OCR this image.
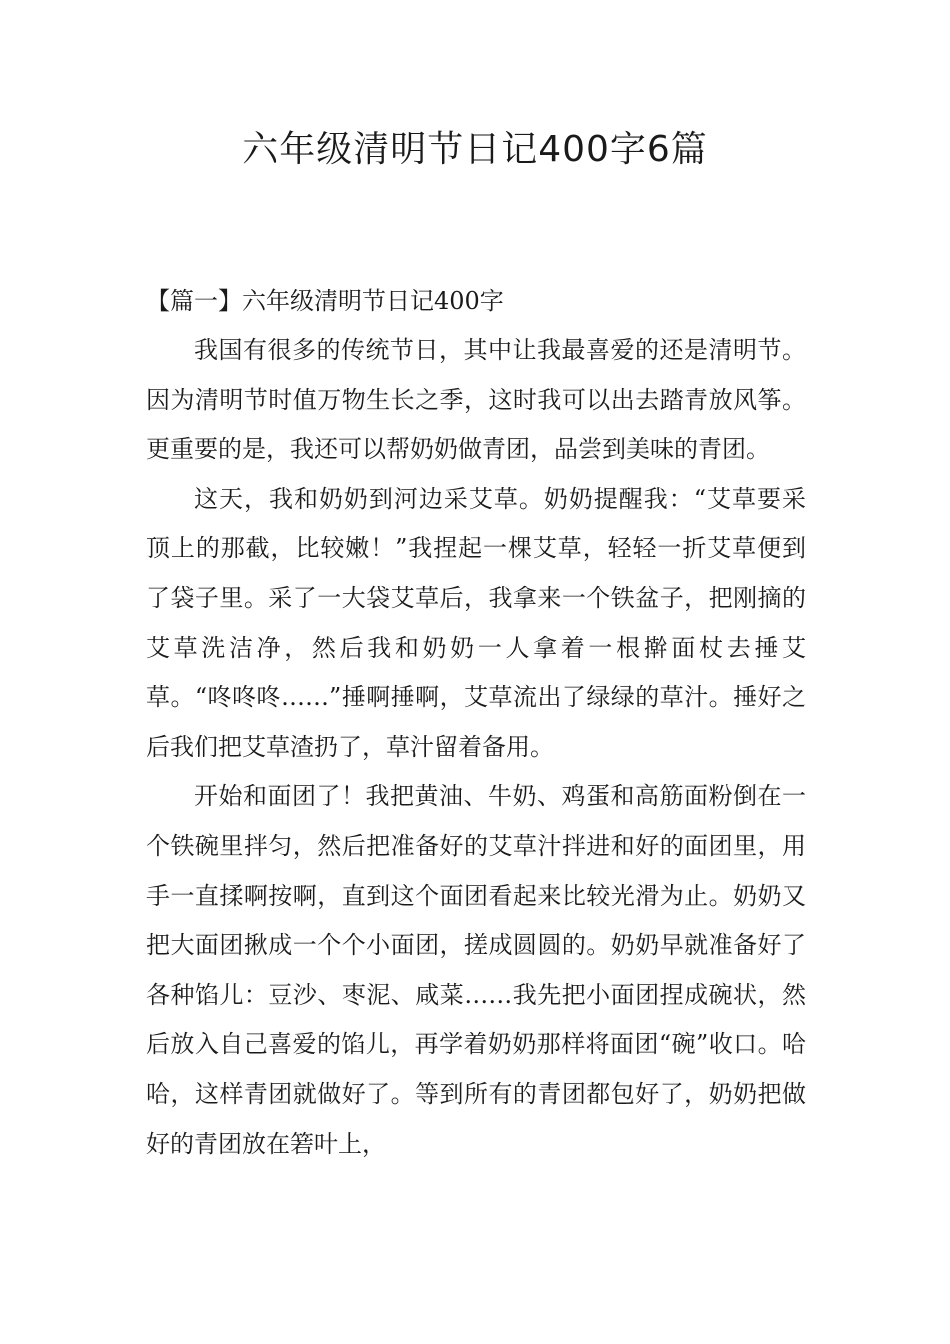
六年级清明节日记400字6篇

【篇一】六年级清明节日记400字

我国有很多的传统节日，其中让我最喜爱的还是清明节。因为清明节时值万物生长之季，这时我可以出去踏青放风筝。更重要的是，我还可以帮奶奶做青团，品尝到美味的青团。

这天，我和奶奶到河边采艾草。奶奶提醒我：“艾草要采顶上的那截，比较嫩！”我捏起一棵艾草，轻轻一折艾草便到了袋子里。采了一大袋艾草后，我拿来一个铁盆子，把刚摘的艾草洗洁净，然后我和奶奶一人拿着一根擀面杖去捶艾草。“咚咚咚……”捶啊捶啊，艾草流出了绿绿的草汁。捶好之后我们把艾草渣扔了，草汁留着备用。

开始和面团了！我把黄油、牛奶、鸡蛋和高筋面粉倒在一个铁碗里拌匀，然后把准备好的艾草汁拌进和好的面团里，用手一直揉啊按啊，直到这个面团看起来比较光滑为止。奶奶又把大面团揪成一个个小面团，搓成圆圆的。奶奶早就准备好了各种馅儿：豆沙、枣泥、咸菜……我先把小面团捏成碗状，然后放入自己喜爱的馅儿，再学着奶奶那样将面团“碗”收口。哈哈，这样青团就做好了。等到所有的青团都包好了，奶奶把做好的青团放在箬叶上，
